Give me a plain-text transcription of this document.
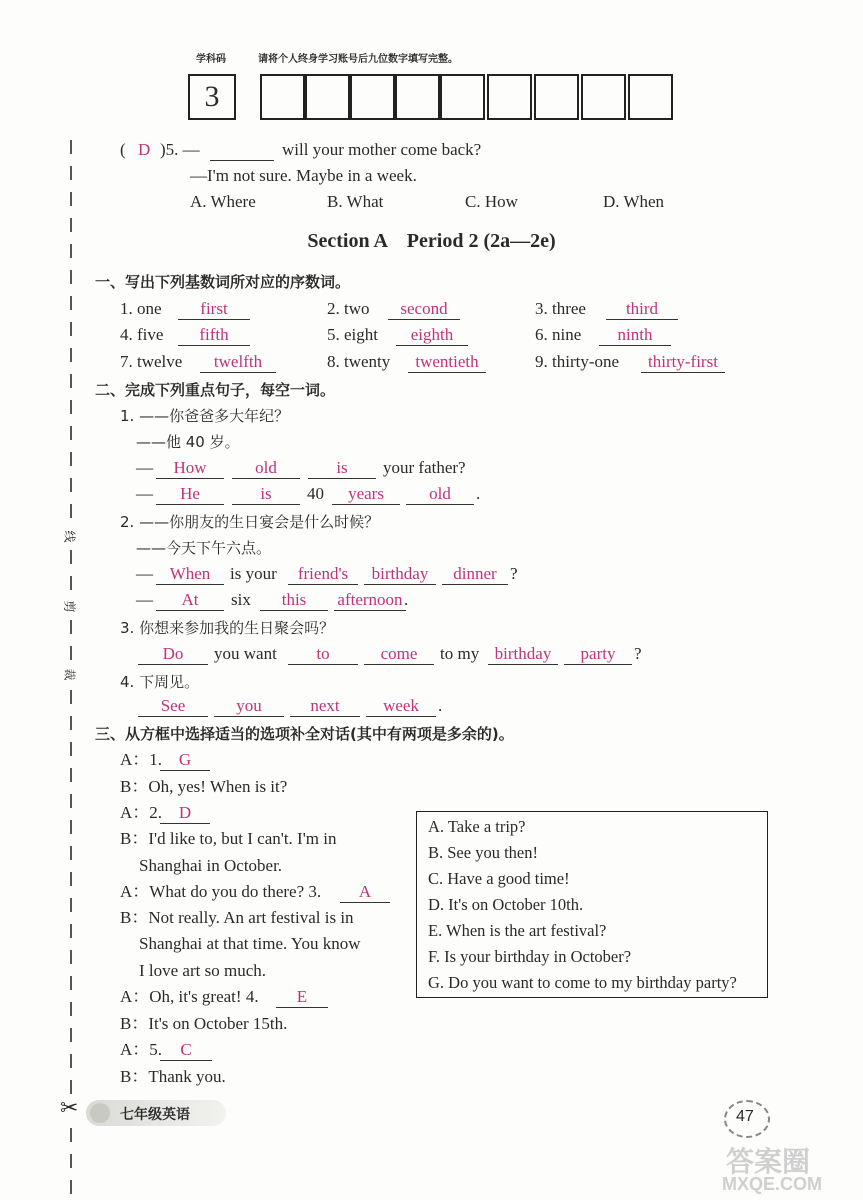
学科码	请将个人终身学习账号后九位数字填写完整。
3
线
剪
裁
✂
( D )5. —	will your mother come back?
—I'm not sure. Maybe in a week.
A. Where	B. What	C. How	D. When
Section A    Period 2 (2a—2e)
一、写出下列基数词所对应的序数词。
1. one	first	2. two	second	3. three	third
4. five	fifth	5. eight	eighth	6. nine	ninth
7. twelve	twelfth	8. twenty	twentieth	9. thirty-one	thirty-first
二、完成下列重点句子，每空一词。
1. ——你爸爸多大年纪？
——他 40 岁。
—	How	old	is	your father?
—	He	is	40	years	old	.
2. ——你朋友的生日宴会是什么时候？
——今天下午六点。
— When	is your	friend's	birthday	dinner ?
—	At	six	this	afternoon .
3. 你想来参加我的生日聚会吗？
Do	you want	to	come	to my birthday	party	?
4. 下周见。
See	you	next	week	.
三、从方框中选择适当的选项补全对话(其中有两项是多余的)。
A：1. G
B：Oh, yes! When is it?
A：2. D
B：I'd like to, but I can't. I'm in
Shanghai in October.
A：What do you do there? 3.	A
B：Not really. An art festival is in
Shanghai at that time. You know
I love art so much.
A：Oh, it's great! 4.	E
B：It's on October 15th.
A：5.	C
B：Thank you.
A. Take a trip?
B. See you then!
C. Have a good time!
D. It's on October 10th.
E. When is the art festival?
F. Is your birthday in October?
G. Do you want to come to my birthday party?
七年级英语	47
答案圈
MXQE.COM
